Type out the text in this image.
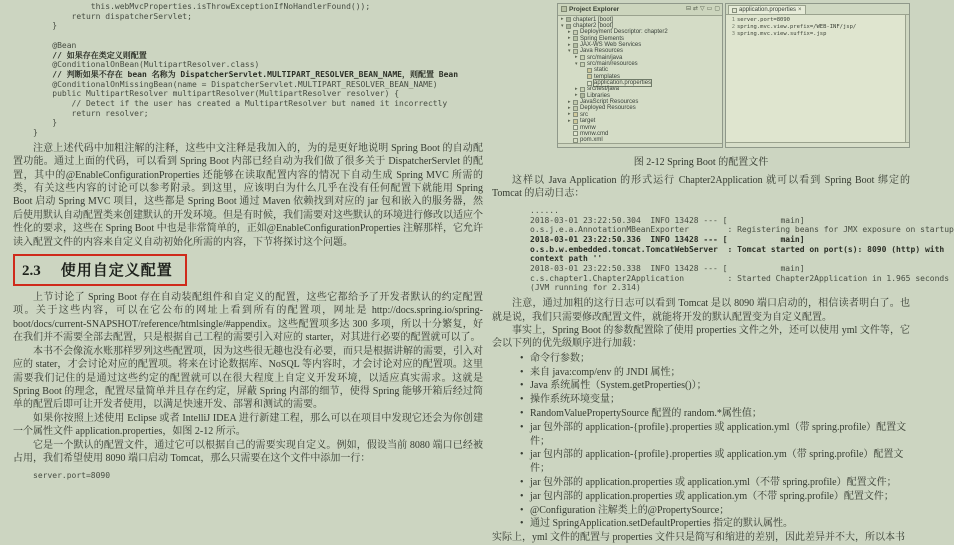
this.webMvcProperties.isThrowExceptionIfNoHandlerFound());
return dispatcherServlet;
}
@Bean
// 如果存在类定义则配置
@ConditionalOnBean(MultipartResolver.class)
// 判断如果不存在 bean 名称为 DispatcherServlet.MULTIPART_RESOLVER_BEAN_NAME，则配置 Bean
@ConditionalOnMissingBean(name = DispatcherServlet.MULTIPART_RESOLVER_BEAN_NAME)
public MultipartResolver multipartResolver(MultipartResolver resolver) {
// Detect if the user has created a MultipartResolver but named it incorrectly
return resolver;
}
}

注意上述代码中加粗注解的注释，这些中文注释是我加入的，为的是更好地说明 Spring Boot 的自动配置功能。通过上面的代码，可以看到 Spring Boot 内部已经自动为我们做了很多关于 DispatcherServlet 的配置，其中的@EnableConfigurationProperties 还能够在读取配置内容的情况下自动生成 Spring MVC 所需的类，有关这些内容的讨论可以参考附录。到这里，应该明白为什么几乎在没有任何配置下就能用 Spring Boot 启动 Spring MVC 项目，这些都是 Spring Boot 通过 Maven 依赖找到对应的 jar 包和嵌入的服务器，然后使用默认自动配置类来创建默认的开发环境。但是有时候，我们需要对这些默认的环境进行修改以适应个性化的要求，这些在 Spring Boot 中也是非常简单的，正如@EnableConfigurationProperties 注解那样，它允许读入配置文件的内容来自定义自动初始化所需的内容，下节将探讨这个问题。

2.3 使用自定义配置

上节讨论了 Spring Boot 存在自动装配组件和自定义的配置，这些它都给予了开发者默认的约定配置项。关于这些内容，可以在它公布的网址上看到所有的配置项，网址是 http://docs.spring.io/spring-boot/docs/current-SNAPSHOT/reference/htmlsingle/#appendix。这些配置项多达 300 多项，所以十分繁复，好在我们并不需要全部去配置，只是根据自己工程的需要引入对应的 starter，对其进行必要的配置就可以了。

本书不会像流水账那样罗列这些配置项，因为这些很无趣也没有必要，而只是根据讲解的需要，引入对应的 stater，才会讨论对应的配置项。将来在讨论数据库、NoSQL 等内容时，才会讨论对应的配置项。这里需要我们记住的是通过这些约定的配置就可以在很大程度上自定义开发环境，以适应真实需求。这就是 Spring Boot 的理念，配置尽量简单并且存在约定，屏蔽 Spring 内部的细节，使得 Spring 能够开箱后经过简单的配置后即可让开发者使用，以满足快速开发、部署和测试的需要。

如果你按照上述使用 Eclipse 或者 IntelliJ IDEA 进行新建工程，那么可以在项目中发现它还会为你创建一个属性文件 application.properties，如图 2-12 所示。

它是一个默认的配置文件，通过它可以根据自己的需要实现自定义。例如，假设当前 8080 端口已经被占用，我们希望使用 8090 端口启动 Tomcat，那么只需要在这个文件中添加一行：

server.port=8090
Project Explorer	⊟ ⇄ ▽ ▭ ▢
▸	chapter1 [boot]
▾	chapter2 [boot]
▸	Deployment Descriptor: chapter2
▸	Spring Elements
▸	JAX-WS Web Services
▾	Java Resources
▸	src/main/java
▾	src/main/resources
static
templates
application.properties
▸	src/test/java
▸	Libraries
▸	JavaScript Resources
▸	Deployed Resources
▸	src
▸	target
mvnw
mvnw.cmd
pom.xml
application.properties ×
1 server.port=8090
2 spring.mvc.view.prefix=/WEB-INF/jsp/
3 spring.mvc.view.suffix=.jsp
图 2-12 Spring Boot 的配置文件

这样以 Java Application 的形式运行 Chapter2Application 就可以看到 Spring Boot 绑定的 Tomcat 的启动日志：

......
2018-03-01 23:22:50.304  INFO 13428 --- [           main]
o.s.j.e.a.AnnotationMBeanExporter        : Registering beans for JMX exposure on startup
2018-03-01 23:22:50.336  INFO 13428 --- [           main]
o.s.b.w.embedded.tomcat.TomcatWebServer  : Tomcat started on port(s): 8090 (http) with
context path ''
2018-03-01 23:22:50.338  INFO 13428 --- [           main]
c.s.chapter1.Chapter2Application         : Started Chapter2Application in 1.965 seconds
(JVM running for 2.314)

注意，通过加粗的这行日志可以看到 Tomcat 是以 8090 端口启动的，相信读者明白了。也就是说，我们只需要修改配置文件，就能将开发的默认配置变为自定义配置。

事实上，Spring Boot 的参数配置除了使用 properties 文件之外，还可以使用 yml 文件等，它会以下列的优先级顺序进行加载：

• 命令行参数；
• 来自 java:comp/env 的 JNDI 属性；
• Java 系统属性（System.getProperties()）；
• 操作系统环境变量；
• RandomValuePropertySource 配置的 random.*属性值；
• jar 包外部的 application-{profile}.properties 或 application.yml（带 spring.profile）配置文件；
• jar 包内部的 application-{profile}.properties 或 application.ym（带 spring.profile）配置文件；
• jar 包外部的 application.properties 或 application.yml（不带 spring.profile）配置文件；
• jar 包内部的 application.properties 或 application.ym（不带 spring.profile）配置文件；
• @Configuration 注解类上的@PropertySource；
• 通过 SpringApplication.setDefaultProperties 指定的默认属性。

实际上，yml 文件的配置与 properties 文件只是简写和缩进的差别，因此差异并不大，所以本书
